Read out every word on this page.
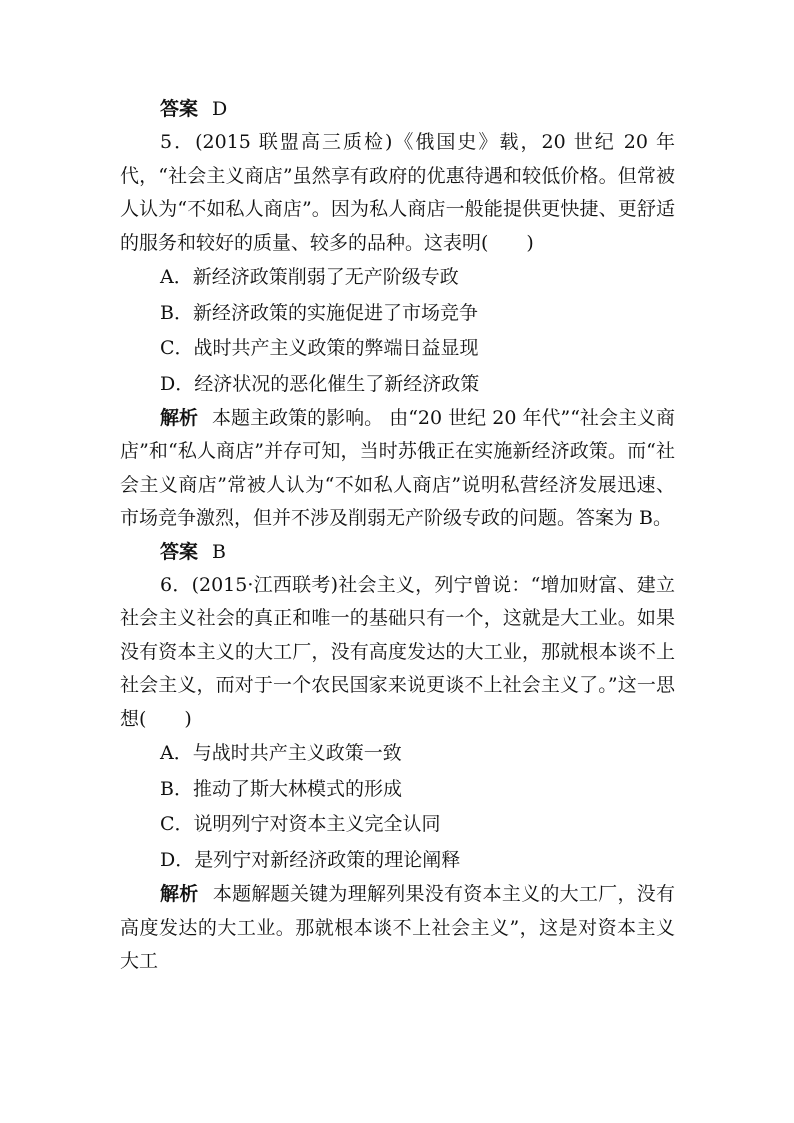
答案 D
5．(2015 联盟高三质检)《俄国史》载，20 世纪 20 年代，“社会主义商店”虽然享有政府的优惠待遇和较低价格。但常被人认为“不如私人商店”。因为私人商店一般能提供更快捷、更舒适的服务和较好的质量、较多的品种。这表明(　　)
A．新经济政策削弱了无产阶级专政
B．新经济政策的实施促进了市场竞争
C．战时共产主义政策的弊端日益显现
D．经济状况的恶化催生了新经济政策
解析 本题主政策的影响。 由“20 世纪 20 年代”“社会主义商店”和“私人商店”并存可知，当时苏俄正在实施新经济政策。而“社会主义商店”常被人认为“不如私人商店”说明私营经济发展迅速、市场竞争激烈，但并不涉及削弱无产阶级专政的问题。答案为 B。
答案 B
6．(2015·江西联考)社会主义，列宁曾说：“增加财富、建立社会主义社会的真正和唯一的基础只有一个，这就是大工业。如果没有资本主义的大工厂，没有高度发达的大工业，那就根本谈不上社会主义，而对于一个农民国家来说更谈不上社会主义了。”这一思想(　　)
A．与战时共产主义政策一致
B．推动了斯大林模式的形成
C．说明列宁对资本主义完全认同
D．是列宁对新经济政策的理论阐释
解析 本题解题关键为理解列果没有资本主义的大工厂，没有高度发达的大工业。那就根本谈不上社会主义”，这是对资本主义大工
